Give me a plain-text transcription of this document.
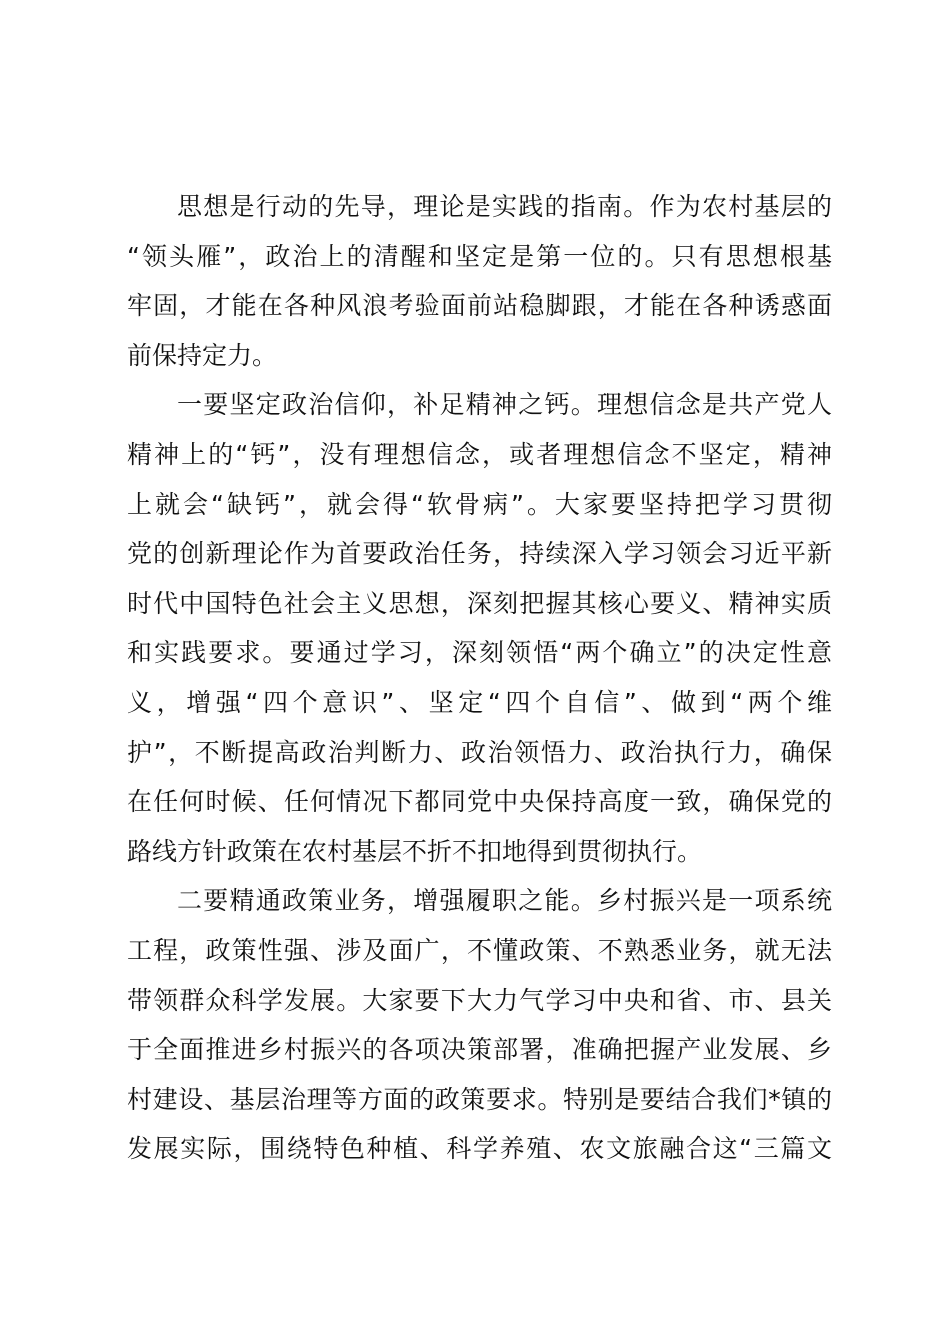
思想是行动的先导，理论是实践的指南。作为农村基层的
“领头雁”，政治上的清醒和坚定是第一位的。只有思想根基
牢固，才能在各种风浪考验面前站稳脚跟，才能在各种诱惑面
前保持定力。
一要坚定政治信仰，补足精神之钙。理想信念是共产党人
精神上的“钙”，没有理想信念，或者理想信念不坚定，精神
上就会“缺钙”，就会得“软骨病”。大家要坚持把学习贯彻
党的创新理论作为首要政治任务，持续深入学习领会习近平新
时代中国特色社会主义思想，深刻把握其核心要义、精神实质
和实践要求。要通过学习，深刻领悟“两个确立”的决定性意
义，增强“四个意识”、坚定“四个自信”、做到“两个维
护”，不断提高政治判断力、政治领悟力、政治执行力，确保
在任何时候、任何情况下都同党中央保持高度一致，确保党的
路线方针政策在农村基层不折不扣地得到贯彻执行。
二要精通政策业务，增强履职之能。乡村振兴是一项系统
工程，政策性强、涉及面广，不懂政策、不熟悉业务，就无法
带领群众科学发展。大家要下大力气学习中央和省、市、县关
于全面推进乡村振兴的各项决策部署，准确把握产业发展、乡
村建设、基层治理等方面的政策要求。特别是要结合我们*镇的
发展实际，围绕特色种植、科学养殖、农文旅融合这“三篇文
